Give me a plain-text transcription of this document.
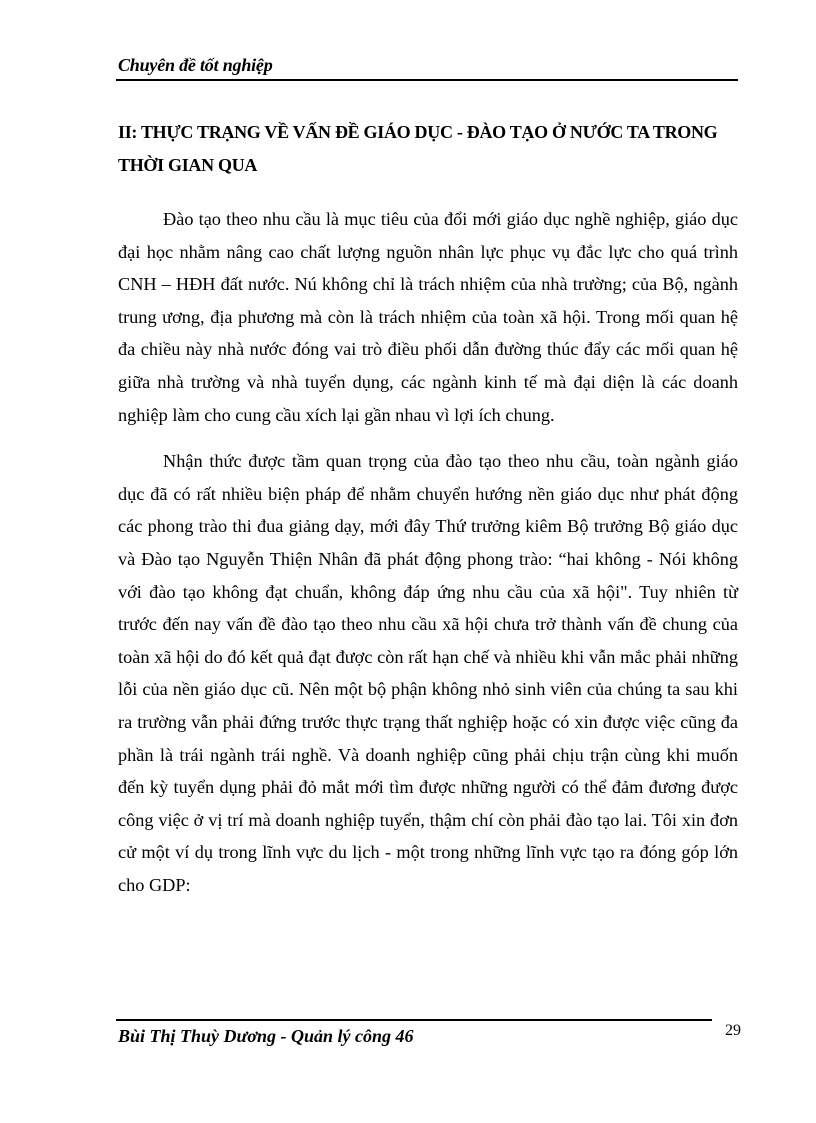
Chuyên đề tốt nghiệp
II: THỰC TRẠNG VỀ VẤN ĐỀ GIÁO DỤC - ĐÀO TẠO Ở NƯỚC TA TRONG THỜI GIAN QUA

Đào tạo theo nhu cầu là mục tiêu của đổi mới giáo dục nghề nghiệp, giáo dục đại học nhằm nâng cao chất lượng nguồn nhân lực phục vụ đắc lực cho quá trình CNH – HĐH đất nước. Nú không chỉ là trách nhiệm của nhà trường; của Bộ, ngành trung ương, địa phương mà còn là trách nhiệm của toàn xã hội. Trong mối quan hệ đa chiều này nhà nước đóng vai trò điều phối dẫn đường thúc đẩy các mối quan hệ giữa nhà trường và nhà tuyển dụng, các ngành kinh tế mà đại diện là các doanh nghiệp làm cho cung cầu xích lại gần nhau vì lợi ích chung.

Nhận thức được tầm quan trọng của đào tạo theo nhu cầu, toàn ngành giáo dục đã có rất nhiều biện pháp để nhằm chuyển hướng nền giáo dục như phát động các phong trào thi đua giảng dạy, mới đây Thứ trưởng kiêm Bộ trưởng Bộ giáo dục và Đào tạo Nguyễn Thiện Nhân đã phát động phong trào: “hai không - Nói không với đào tạo không đạt chuẩn, không đáp ứng nhu cầu của xã hội". Tuy nhiên từ trước đến nay vấn đề đào tạo theo nhu cầu xã hội chưa trở thành vấn đề chung của toàn xã hội do đó kết quả đạt được còn rất hạn chế và nhiều khi vẫn mắc phải những lỗi của nền giáo dục cũ. Nên một bộ phận không nhỏ sinh viên của chúng ta sau khi ra trường vẫn phải đứng trước thực trạng thất nghiệp hoặc có xin được việc cũng đa phần là trái ngành trái nghề. Và doanh nghiệp cũng phải chịu trận cùng khi muốn đến kỳ tuyển dụng phải đỏ mắt mới tìm được những người có thể đảm đương được công việc ở vị trí mà doanh nghiệp tuyển, thậm chí còn phải đào tạo lai. Tôi xin đơn cử một ví dụ trong lĩnh vực du lịch - một trong những lĩnh vực tạo ra đóng góp lớn cho GDP:

Bùi Thị Thuỳ Dương - Quản lý công 46	29
